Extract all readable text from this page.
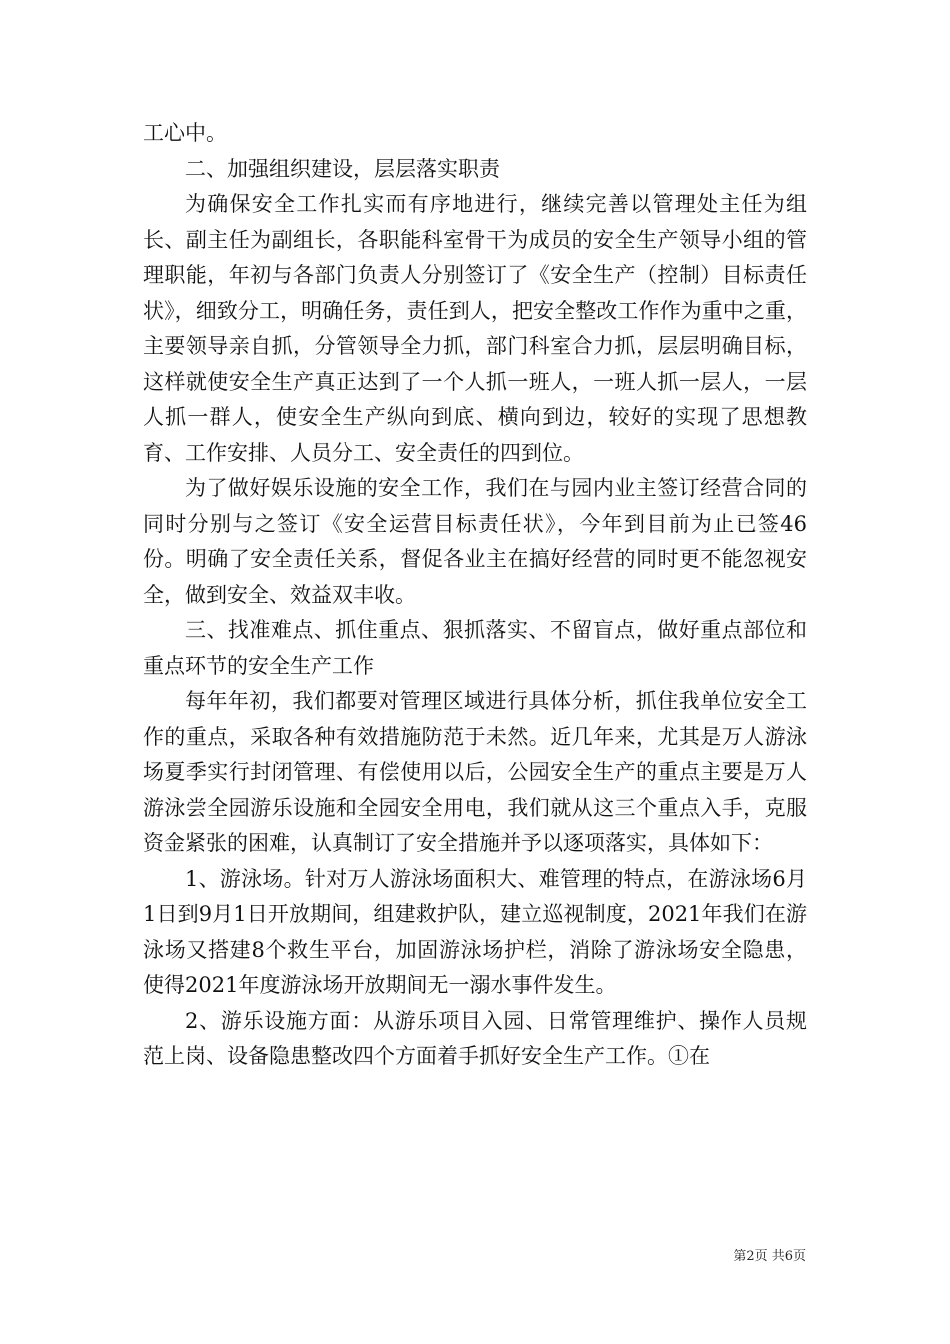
工心中。

二、加强组织建设，层层落实职责

为确保安全工作扎实而有序地进行，继续完善以管理处主任为组长、副主任为副组长，各职能科室骨干为成员的安全生产领导小组的管理职能，年初与各部门负责人分别签订了《安全生产（控制）目标责任状》，细致分工，明确任务，责任到人，把安全整改工作作为重中之重，主要领导亲自抓，分管领导全力抓，部门科室合力抓，层层明确目标，这样就使安全生产真正达到了一个人抓一班人，一班人抓一层人，一层人抓一群人，使安全生产纵向到底、横向到边，较好的实现了思想教育、工作安排、人员分工、安全责任的四到位。

为了做好娱乐设施的安全工作，我们在与园内业主签订经营合同的同时分别与之签订《安全运营目标责任状》，今年到目前为止已签46份。明确了安全责任关系，督促各业主在搞好经营的同时更不能忽视安全，做到安全、效益双丰收。

三、找准难点、抓住重点、狠抓落实、不留盲点，做好重点部位和重点环节的安全生产工作

每年年初，我们都要对管理区域进行具体分析，抓住我单位安全工作的重点，采取各种有效措施防范于未然。近几年来，尤其是万人游泳场夏季实行封闭管理、有偿使用以后，公园安全生产的重点主要是万人游泳尝全园游乐设施和全园安全用电，我们就从这三个重点入手，克服资金紧张的困难，认真制订了安全措施并予以逐项落实，具体如下：

1、游泳场。针对万人游泳场面积大、难管理的特点，在游泳场6月1日到9月1日开放期间，组建救护队，建立巡视制度，2021年我们在游泳场又搭建8个救生平台，加固游泳场护栏，消除了游泳场安全隐患，使得2021年度游泳场开放期间无一溺水事件发生。

2、游乐设施方面：从游乐项目入园、日常管理维护、操作人员规范上岗、设备隐患整改四个方面着手抓好安全生产工作。①在

第2页 共6页
